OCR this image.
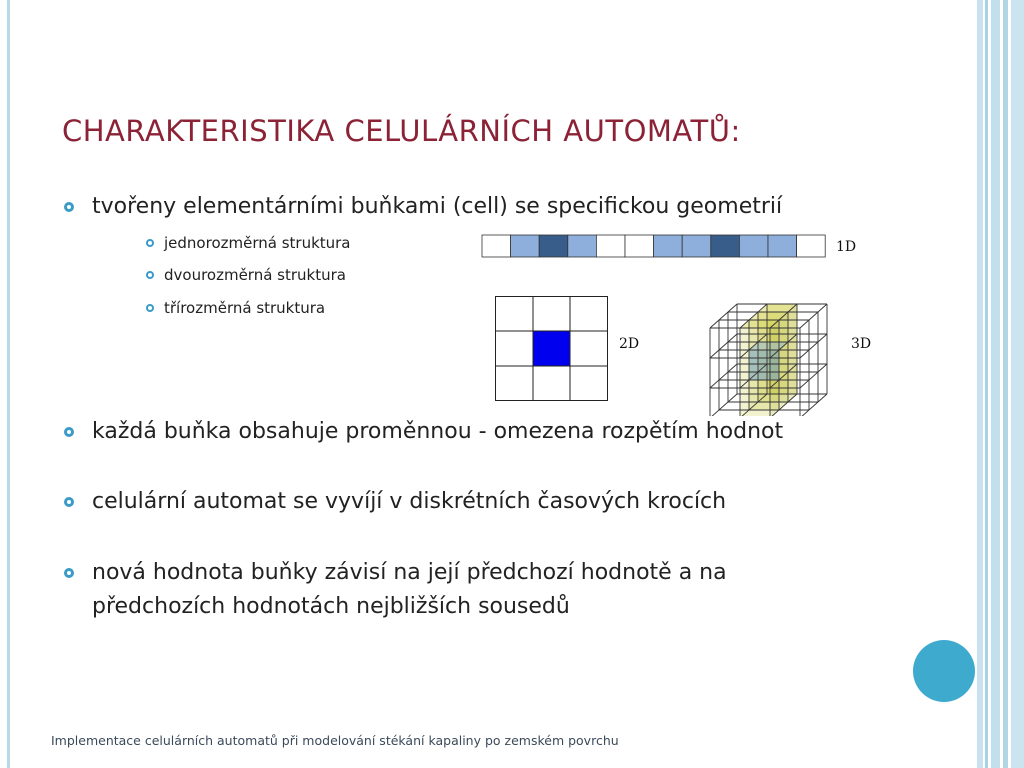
CHARAKTERISTIKA CELULÁRNÍCH AUTOMATŮ:
tvořeny elementárními buňkami (cell) se specifickou geometrií
jednorozměrná struktura
dvourozměrná struktura
třírozměrná struktura
1D
2D	3D
každá buňka obsahuje proměnnou - omezena rozpětím hodnot
celulární automat se vyvíjí v diskrétních časových krocích
nová hodnota buňky závisí na její předchozí hodnotě a na
předchozích hodnotách nejbližších sousedů
Implementace celulárních automatů při modelování stékání kapaliny po zemském povrchu
